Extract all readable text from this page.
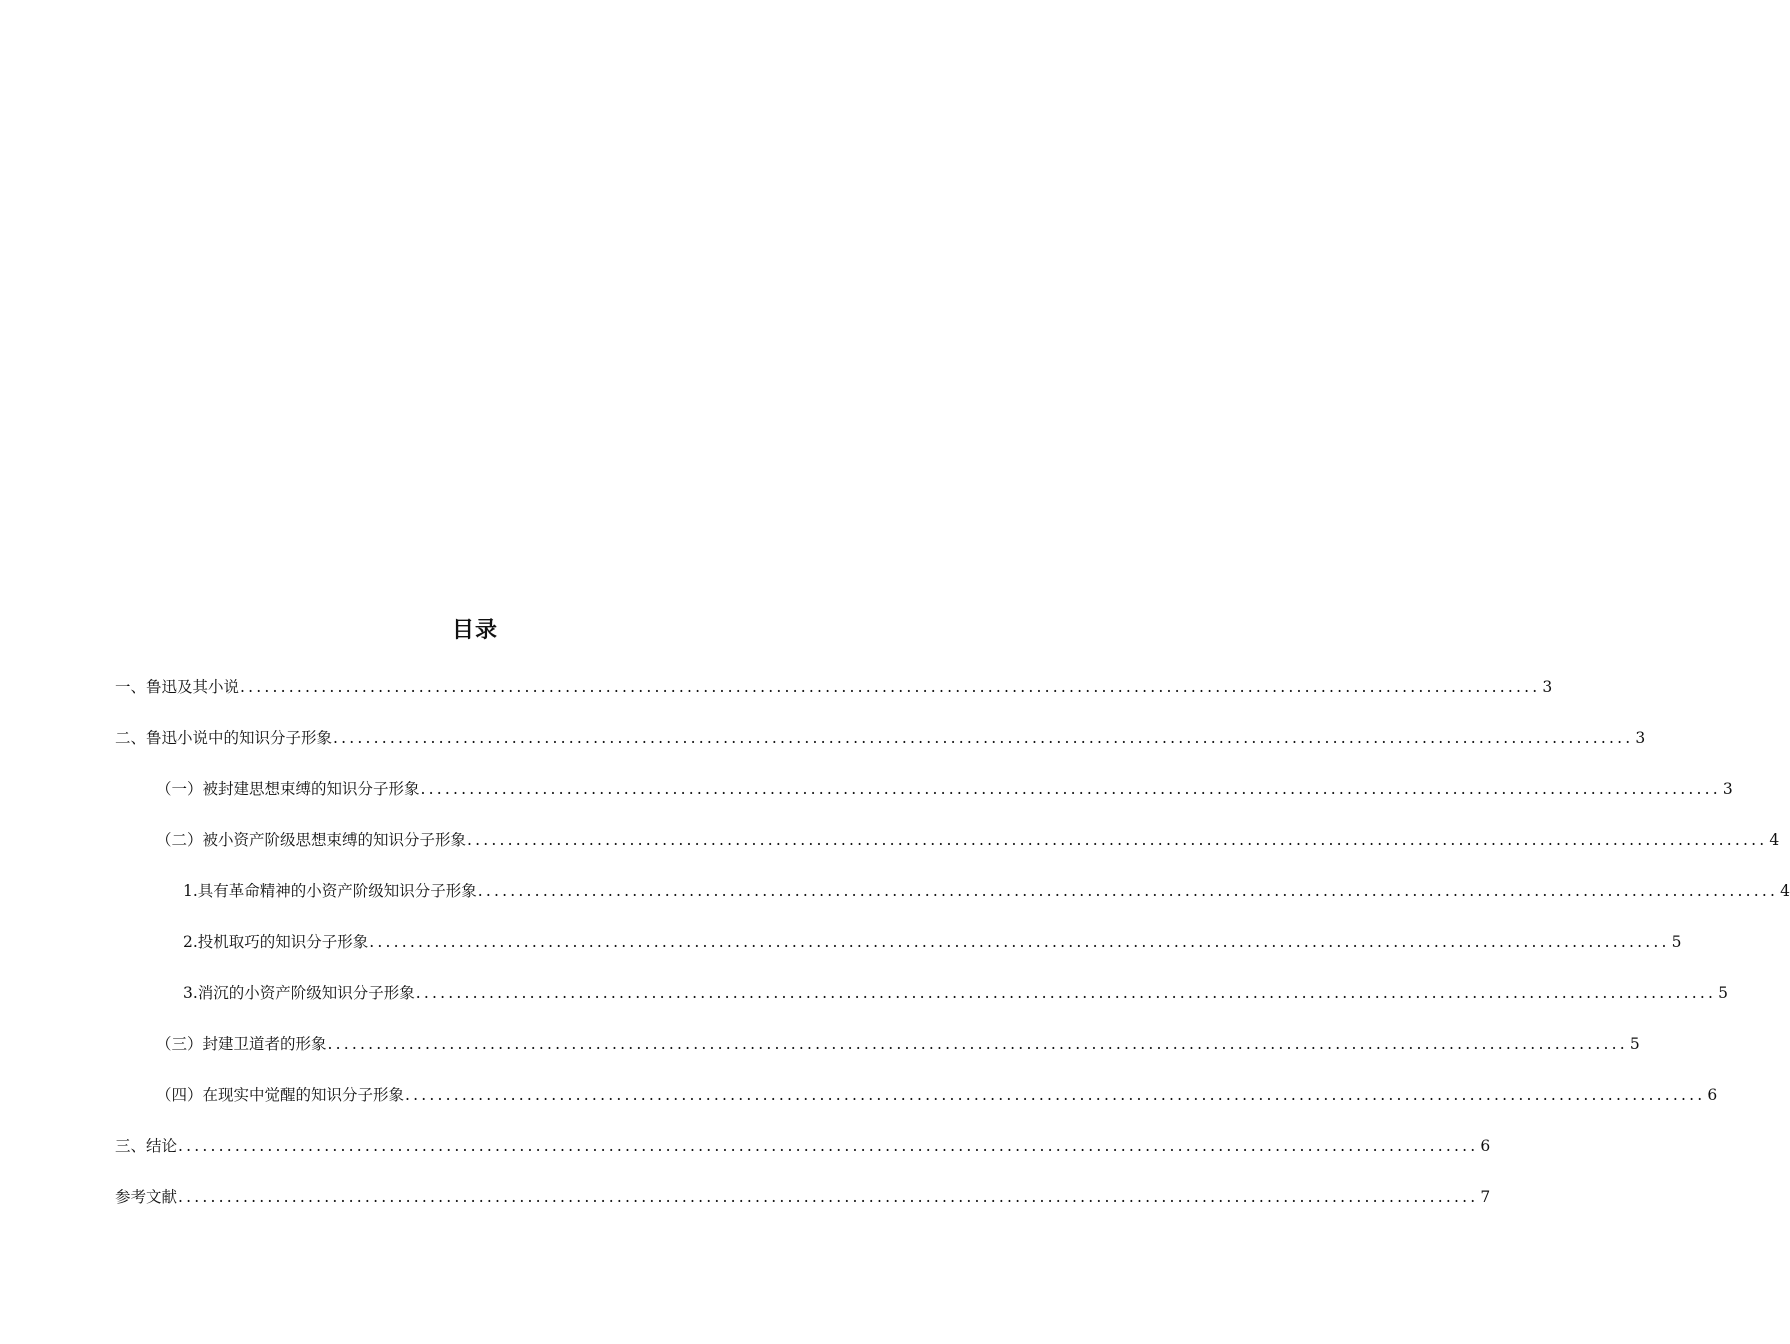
目录
一、鲁迅及其小说 ................................................................................................................................................................ 3
二、鲁迅小说中的知识分子形象 ................................................................................................................................................................ 3
（一）被封建思想束缚的知识分子形象 ................................................................................................................................................................ 3
（二）被小资产阶级思想束缚的知识分子形象 ................................................................................................................................................................ 4
1.具有革命精神的小资产阶级知识分子形象 ................................................................................................................................................................ 4
2.投机取巧的知识分子形象 ................................................................................................................................................................ 5
3.消沉的小资产阶级知识分子形象 ................................................................................................................................................................ 5
（三）封建卫道者的形象 ................................................................................................................................................................ 5
（四）在现实中觉醒的知识分子形象 ................................................................................................................................................................ 6
三、结论 ................................................................................................................................................................ 6
参考文献 ................................................................................................................................................................ 7
